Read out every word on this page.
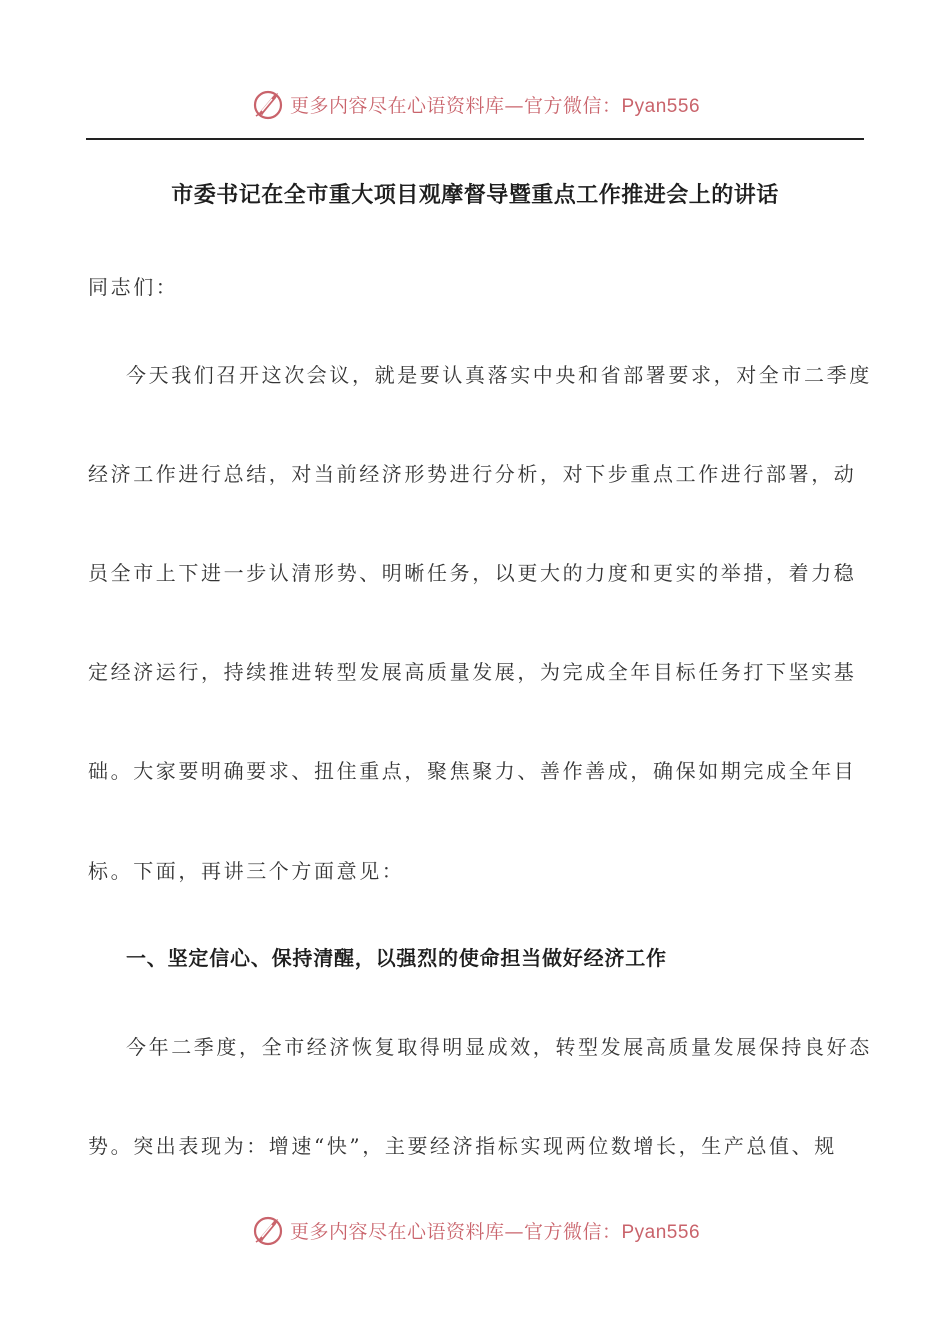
更多内容尽在心语资料库—官方微信：Pyan556
市委书记在全市重大项目观摩督导暨重点工作推进会上的讲话
同志们：
今天我们召开这次会议，就是要认真落实中央和省部署要求，对全市二季度
经济工作进行总结，对当前经济形势进行分析，对下步重点工作进行部署，动
员全市上下进一步认清形势、明晰任务，以更大的力度和更实的举措，着力稳
定经济运行，持续推进转型发展高质量发展，为完成全年目标任务打下坚实基
础。大家要明确要求、扭住重点，聚焦聚力、善作善成，确保如期完成全年目
标。下面，再讲三个方面意见：
一、坚定信心、保持清醒，以强烈的使命担当做好经济工作
今年二季度，全市经济恢复取得明显成效，转型发展高质量发展保持良好态
势。突出表现为：增速“快”，主要经济指标实现两位数增长，生产总值、规
更多内容尽在心语资料库—官方微信：Pyan556
